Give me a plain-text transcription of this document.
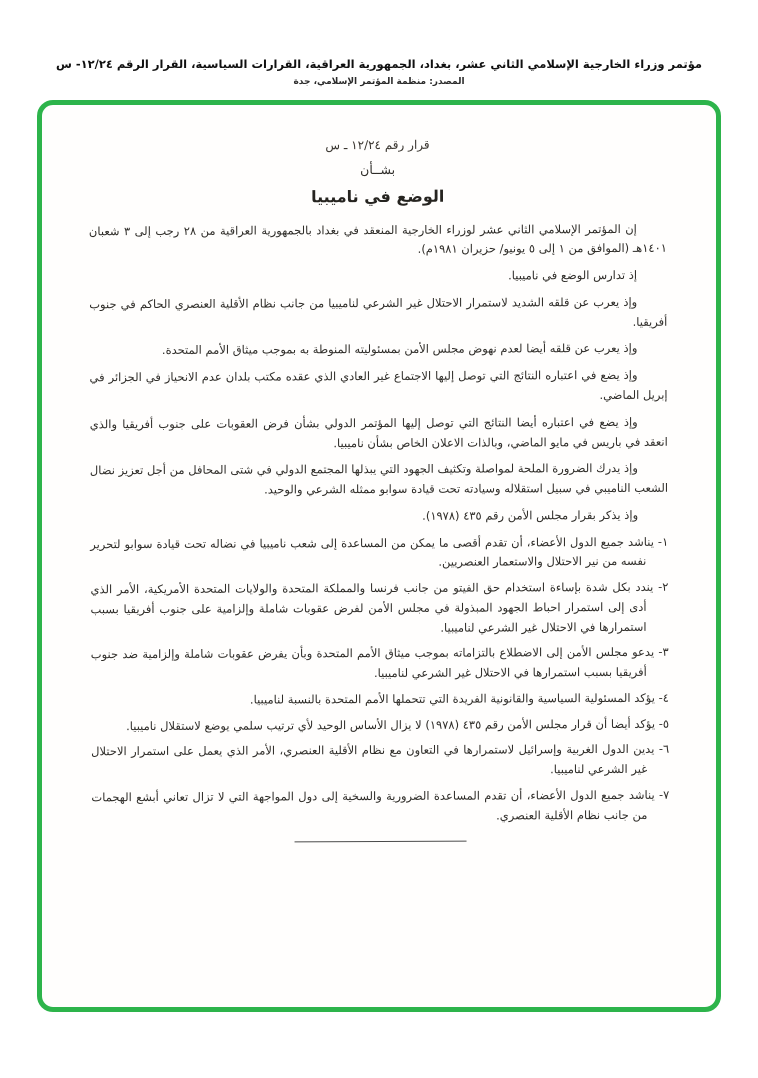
مؤتمر وزراء الخارجية الإسلامي الثاني عشر، بغداد، الجمهورية العراقية، القرارات السياسية، القرار الرقم ١٢/٢٤- س
المصدر: منظمة المؤتمر الإسلامي، جدة
قرار رقم ١٢/٢٤ ـ س
بشــأن
الوضع في ناميبيا
إن المؤتمر الإسلامي الثاني عشر لوزراء الخارجية المنعقد في بغداد بالجمهورية العراقية من ٢٨ رجب إلى ٣ شعبان ١٤٠١هـ (الموافق من ١ إلى ٥ يونيو/ حزيران ١٩٨١م).
إذ تدارس الوضع في ناميبيا.
وإذ يعرب عن قلقه الشديد لاستمرار الاحتلال غير الشرعي لناميبيا من جانب نظام الأقلية العنصري الحاكم في جنوب أفريقيا.
وإذ يعرب عن قلقه أيضا لعدم نهوض مجلس الأمن بمسئوليته المنوطة به بموجب ميثاق الأمم المتحدة.
وإذ يضع في اعتباره النتائج التي توصل إليها الاجتماع غير العادي الذي عقده مكتب بلدان عدم الانحياز في الجزائر في إبريل الماضي.
وإذ يضع في اعتباره أيضا النتائج التي توصل إليها المؤتمر الدولي بشأن فرض العقوبات على جنوب أفريقيا والذي انعقد في باريس في مايو الماضي، وبالذات الاعلان الخاص بشأن ناميبيا.
وإذ يدرك الضرورة الملحة لمواصلة وتكثيف الجهود التي يبذلها المجتمع الدولي في شتى المحافل من أجل تعزيز نضال الشعب الناميبي في سبيل استقلاله وسيادته تحت قيادة سوابو ممثله الشرعي والوحيد.
وإذ يذكر بقرار مجلس الأمن رقم ٤٣٥ (١٩٧٨).
١- يناشد جميع الدول الأعضاء، أن تقدم أقصى ما يمكن من المساعدة إلى شعب ناميبيا في نضاله تحت قيادة سوابو لتحرير نفسه من نير الاحتلال والاستعمار العنصريين.
٢- يندد بكل شدة بإساءة استخدام حق الفيتو من جانب فرنسا والمملكة المتحدة والولايات المتحدة الأمريكية، الأمر الذي أدى إلى استمرار احباط الجهود المبذولة في مجلس الأمن لفرض عقوبات شاملة وإلزامية على جنوب أفريقيا بسبب استمرارها في الاحتلال غير الشرعي لناميبيا.
٣- يدعو مجلس الأمن إلى الاضطلاع بالتزاماته بموجب ميثاق الأمم المتحدة وبأن يفرض عقوبات شاملة وإلزامية ضد جنوب أفريقيا بسبب استمرارها في الاحتلال غير الشرعي لناميبيا.
٤- يؤكد المسئولية السياسية والقانونية الفريدة التي تتحملها الأمم المتحدة بالنسبة لناميبيا.
٥- يؤكد أيضا أن قرار مجلس الأمن رقم ٤٣٥ (١٩٧٨) لا يزال الأساس الوحيد لأي ترتيب سلمي يوضع لاستقلال ناميبيا.
٦- يدين الدول الغربية وإسرائيل لاستمرارها في التعاون مع نظام الأقلية العنصري، الأمر الذي يعمل على استمرار الاحتلال غير الشرعي لناميبيا.
٧- يناشد جميع الدول الأعضاء، أن تقدم المساعدة الضرورية والسخية إلى دول المواجهة التي لا تزال تعاني أبشع الهجمات من جانب نظام الأقلية العنصري.
